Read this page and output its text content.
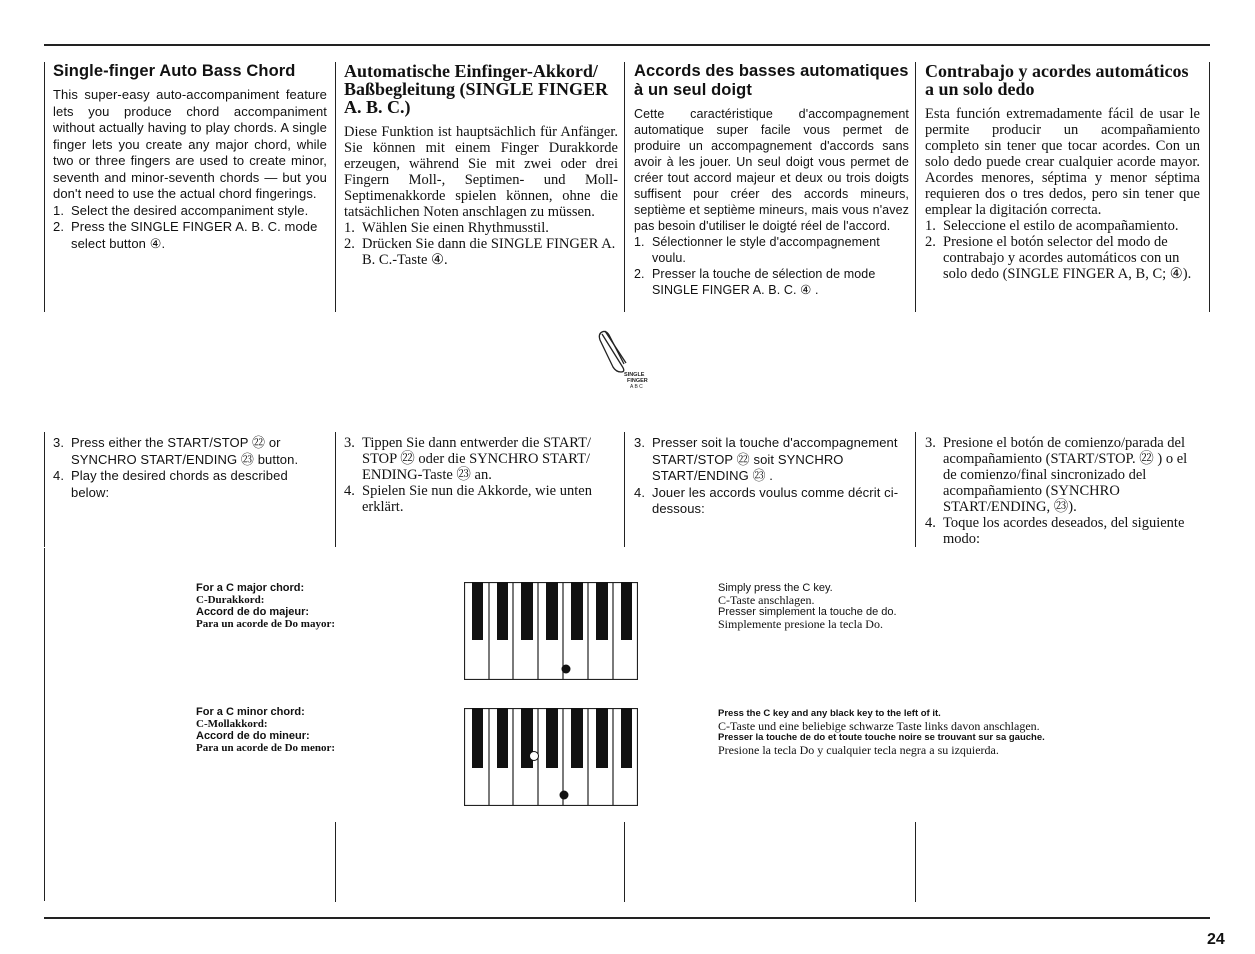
Single-finger Auto Bass Chord

This super-easy auto-accompaniment feature lets you produce chord accompaniment without actually having to play chords. A single finger lets you create any major chord, while two or three fingers are used to create minor, seventh and minor-seventh chords — but you don't need to use the actual chord fingerings.

1. Select the desired accompaniment style.
2. Press the SINGLE FINGER A. B. C. mode select button ④.
Automatische Einfinger-Akkord/ Baßbegleitung (SINGLE FINGER A. B. C.)

Diese Funktion ist hauptsächlich für Anfänger. Sie können mit einem Finger Durakkorde erzeugen, während Sie mit zwei oder drei Fingern Moll-, Septimen- und Moll- Septimenakkorde spielen können, ohne die tatsächlichen Noten anschlagen zu müssen.

1. Wählen Sie einen Rhythmusstil.
2. Drücken Sie dann die SINGLE FINGER A. B. C.-Taste ④.
Accords des basses automatiques à un seul doigt

Cette caractéristique d'accompagnement automatique super facile vous permet de produire un accompagnement d'accords sans avoir à les jouer. Un seul doigt vous permet de créer tout accord majeur et deux ou trois doigts suffisent pour créer des accords mineurs, septième et septième mineurs, mais vous n'avez pas besoin d'utiliser le doigté réel de l'accord.

1. Sélectionner le style d'accompagnement voulu.
2. Presser la touche de sélection de mode SINGLE FINGER A. B. C. ④ .
Contrabajo y acordes automáticos a un solo dedo

Esta función extremadamente fácil de usar le permite producir un acompañamiento completo sin tener que tocar acordes. Con un solo dedo puede crear cualquier acorde mayor. Acordes menores, séptima y menor séptima requieren dos o tres dedos, pero sin tener que emplear la digitación correcta.

1. Seleccione el estilo de acompañamiento.
2. Presione el botón selector del modo de contrabajo y acordes automáticos con un solo dedo (SINGLE FINGER A, B, C; ④).
SINGLE
FINGER
A B C
3. Press either the START/STOP ㉒ or SYNCHRO START/ENDING ㉓ button.
4. Play the desired chords as described below:
3. Tippen Sie dann entwerder die START/ STOP ㉒ oder die SYNCHRO START/ ENDING-Taste ㉓ an.
4. Spielen Sie nun die Akkorde, wie unten erklärt.
3. Presser soit la touche d'accompagnement START/STOP ㉒ soit SYNCHRO START/ENDING ㉓ .
4. Jouer les accords voulus comme décrit ci-dessous:
3. Presione el botón de comienzo/parada del acompañamiento (START/STOP. ㉒ ) o el de comienzo/final sincronizado del acompañamiento (SYNCHRO START/ENDING, ㉓).
4. Toque los acordes deseados, del siguiente modo:
For a C major chord:
C-Durakkord:
Accord de do majeur:
Para un acorde de Do mayor:
Simply press the C key.
C-Taste anschlagen.
Presser simplement la touche de do.
Simplemente presione la tecla Do.
For a C minor chord:
C-Mollakkord:
Accord de do mineur:
Para un acorde de Do menor:
Press the C key and any black key to the left of it.
C-Taste und eine beliebige schwarze Taste links davon anschlagen.
Presser la touche de do et toute touche noire se trouvant sur sa gauche.
Presione la tecla Do y cualquier tecla negra a su izquierda.
24
